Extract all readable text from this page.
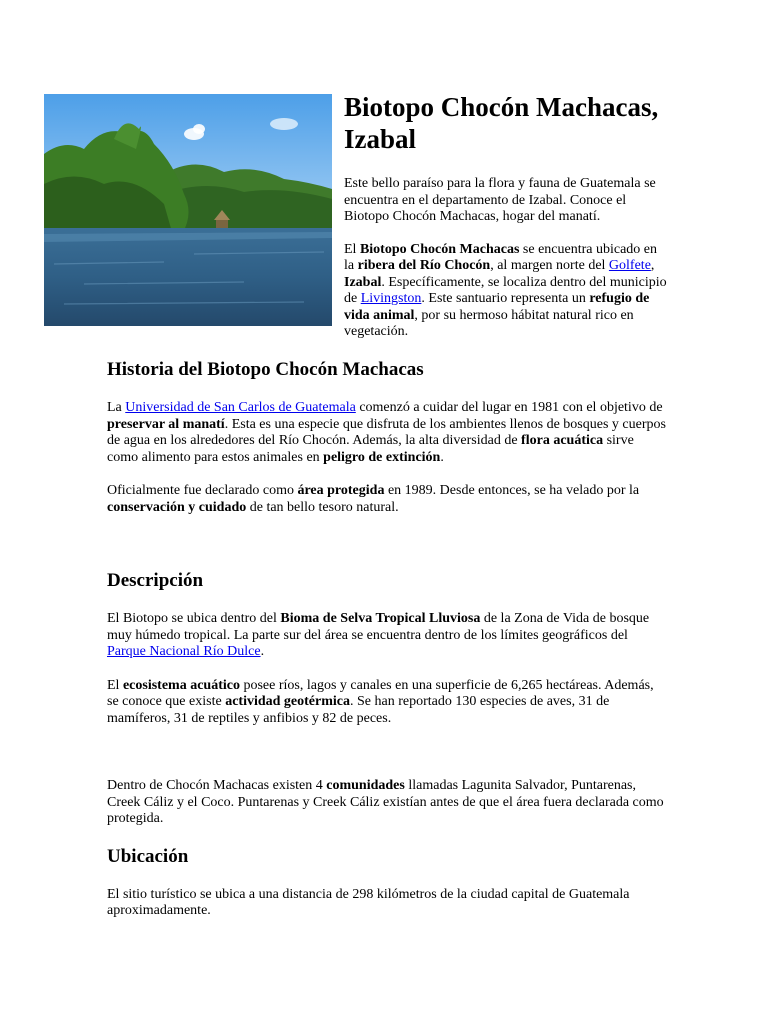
Biotopo Chocón Machacas, Izabal

Este bello paraíso para la flora y fauna de Guatemala se encuentra en el departamento de Izabal. Conoce el Biotopo Chocón Machacas, hogar del manatí.

El Biotopo Chocón Machacas se encuentra ubicado en la ribera del Río Chocón, al margen norte del Golfete, Izabal. Específicamente, se localiza dentro del municipio de Livingston. Este santuario representa un refugio de vida animal, por su hermoso hábitat natural rico en vegetación.

Historia del Biotopo Chocón Machacas

La Universidad de San Carlos de Guatemala comenzó a cuidar del lugar en 1981 con el objetivo de preservar al manatí. Esta es una especie que disfruta de los ambientes llenos de bosques y cuerpos de agua en los alrededores del Río Chocón. Además, la alta diversidad de flora acuática sirve como alimento para estos animales en peligro de extinción.

Oficialmente fue declarado como área protegida en 1989. Desde entonces, se ha velado por la conservación y cuidado de tan bello tesoro natural.

Descripción

El Biotopo se ubica dentro del Bioma de Selva Tropical Lluviosa de la Zona de Vida de bosque muy húmedo tropical. La parte sur del área se encuentra dentro de los límites geográficos del Parque Nacional Río Dulce.

El ecosistema acuático posee ríos, lagos y canales en una superficie de 6,265 hectáreas. Además, se conoce que existe actividad geotérmica. Se han reportado 130 especies de aves, 31 de mamíferos, 31 de reptiles y anfibios y 82 de peces.

Dentro de Chocón Machacas existen 4 comunidades llamadas Lagunita Salvador, Puntarenas, Creek Cáliz y el Coco. Puntarenas y Creek Cáliz existían antes de que el área fuera declarada como protegida.

Ubicación

El sitio turístico se ubica a una distancia de 298 kilómetros de la ciudad capital de Guatemala aproximadamente.
